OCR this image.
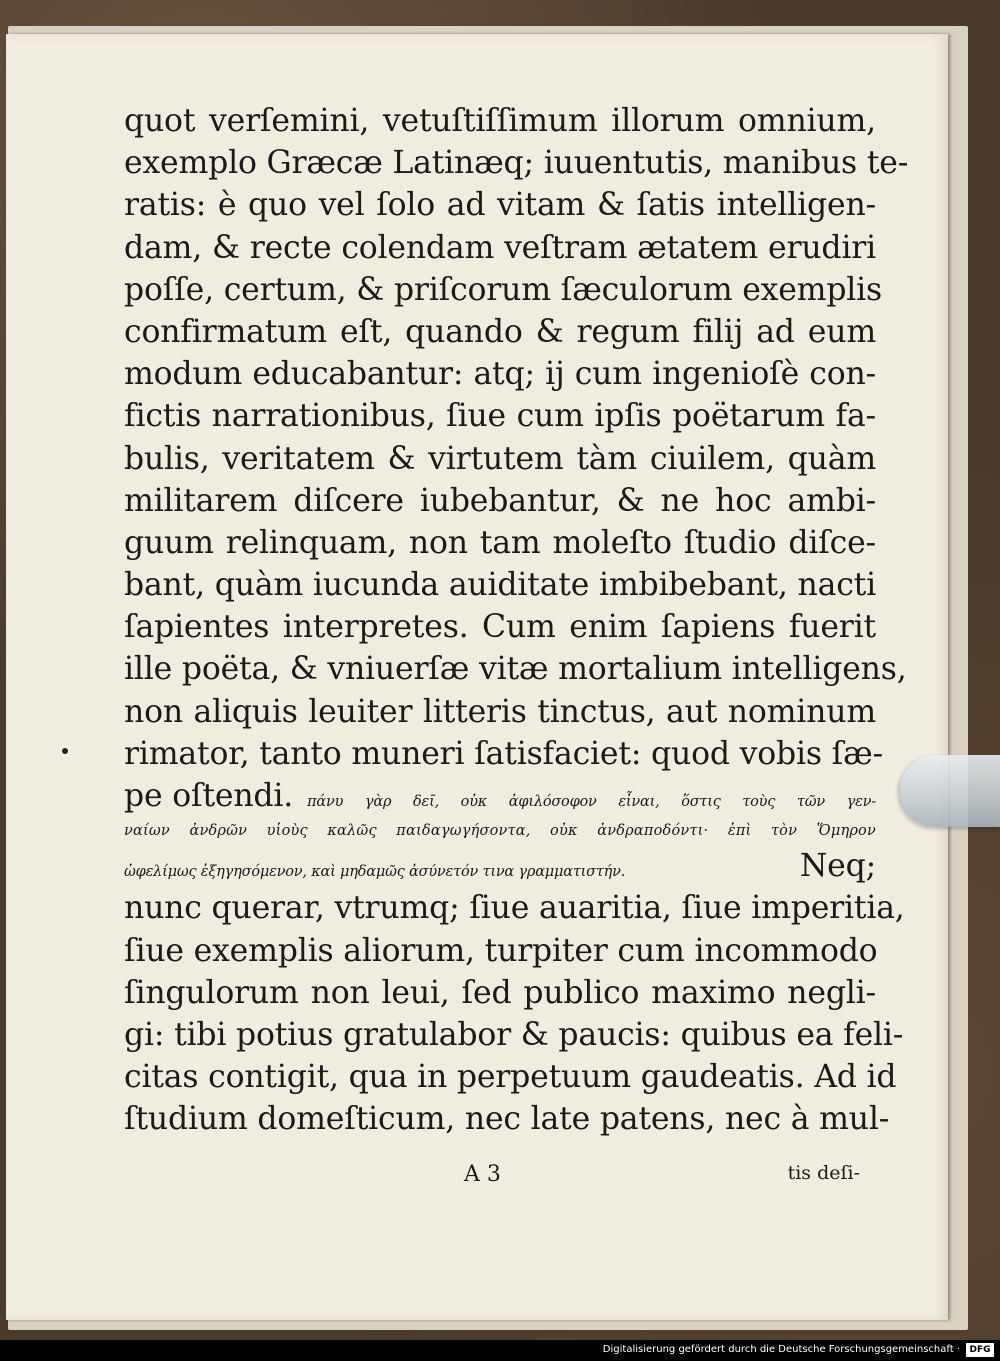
quot verſemini, vetuſtiſſimum illorum omnium,
exemplo Græcæ Latinæq; iuuentutis, manibus te-
ratis: è quo vel ſolo ad vitam & ſatis intelligen-
dam, & recte colendam veſtram ætatem erudiri
poſſe, certum, & priſcorum ſæculorum exemplis
confirmatum eſt, quando & regum filij ad eum
modum educabantur: atq; ij cum ingenioſè con-
fictis narrationibus, ſiue cum ipſis poëtarum fa-
bulis, veritatem & virtutem tàm ciuilem, quàm
militarem diſcere iubebantur, & ne hoc ambi-
guum relinquam, non tam moleſto ſtudio diſce-
bant, quàm iucunda auiditate imbibebant, nacti
ſapientes interpretes. Cum enim ſapiens fuerit
ille poëta, & vniuerſæ vitæ mortalium intelligens,
non aliquis leuiter litteris tinctus, aut nominum
rimator, tanto muneri ſatisfaciet: quod vobis ſæ-
pe oſtendi. πάνυ γὰρ δεῖ, οὐκ ἀφιλόσοφον εἶναι, ὅστις τοὺς τῶν γεν-
ναίων ἀνδρῶν υἱοὺς καλῶς παιδαγωγήσοντα, οὐκ ἀνδραποδόντι· ἐπὶ τὸν Ὅμηρον
ὠφελίμως ἐξηγησόμενον, καὶ μηδαμῶς ἀσύνετόν τινα γραμματιστήν.	Neq;
nunc querar, vtrumq; ſiue auaritia, ſiue imperitia,
ſiue exemplis aliorum, turpiter cum incommodo
ſingulorum non leui, ſed publico maximo negli-
gi: tibi potius gratulabor & paucis: quibus ea feli-
citas contigit, qua in perpetuum gaudeatis. Ad id
ſtudium domeſticum, nec late patens, nec à mul-
A 3	tis deſi-
Digitalisierung gefördert durch die Deutsche Forschungsgemeinschaft ·	DFG
